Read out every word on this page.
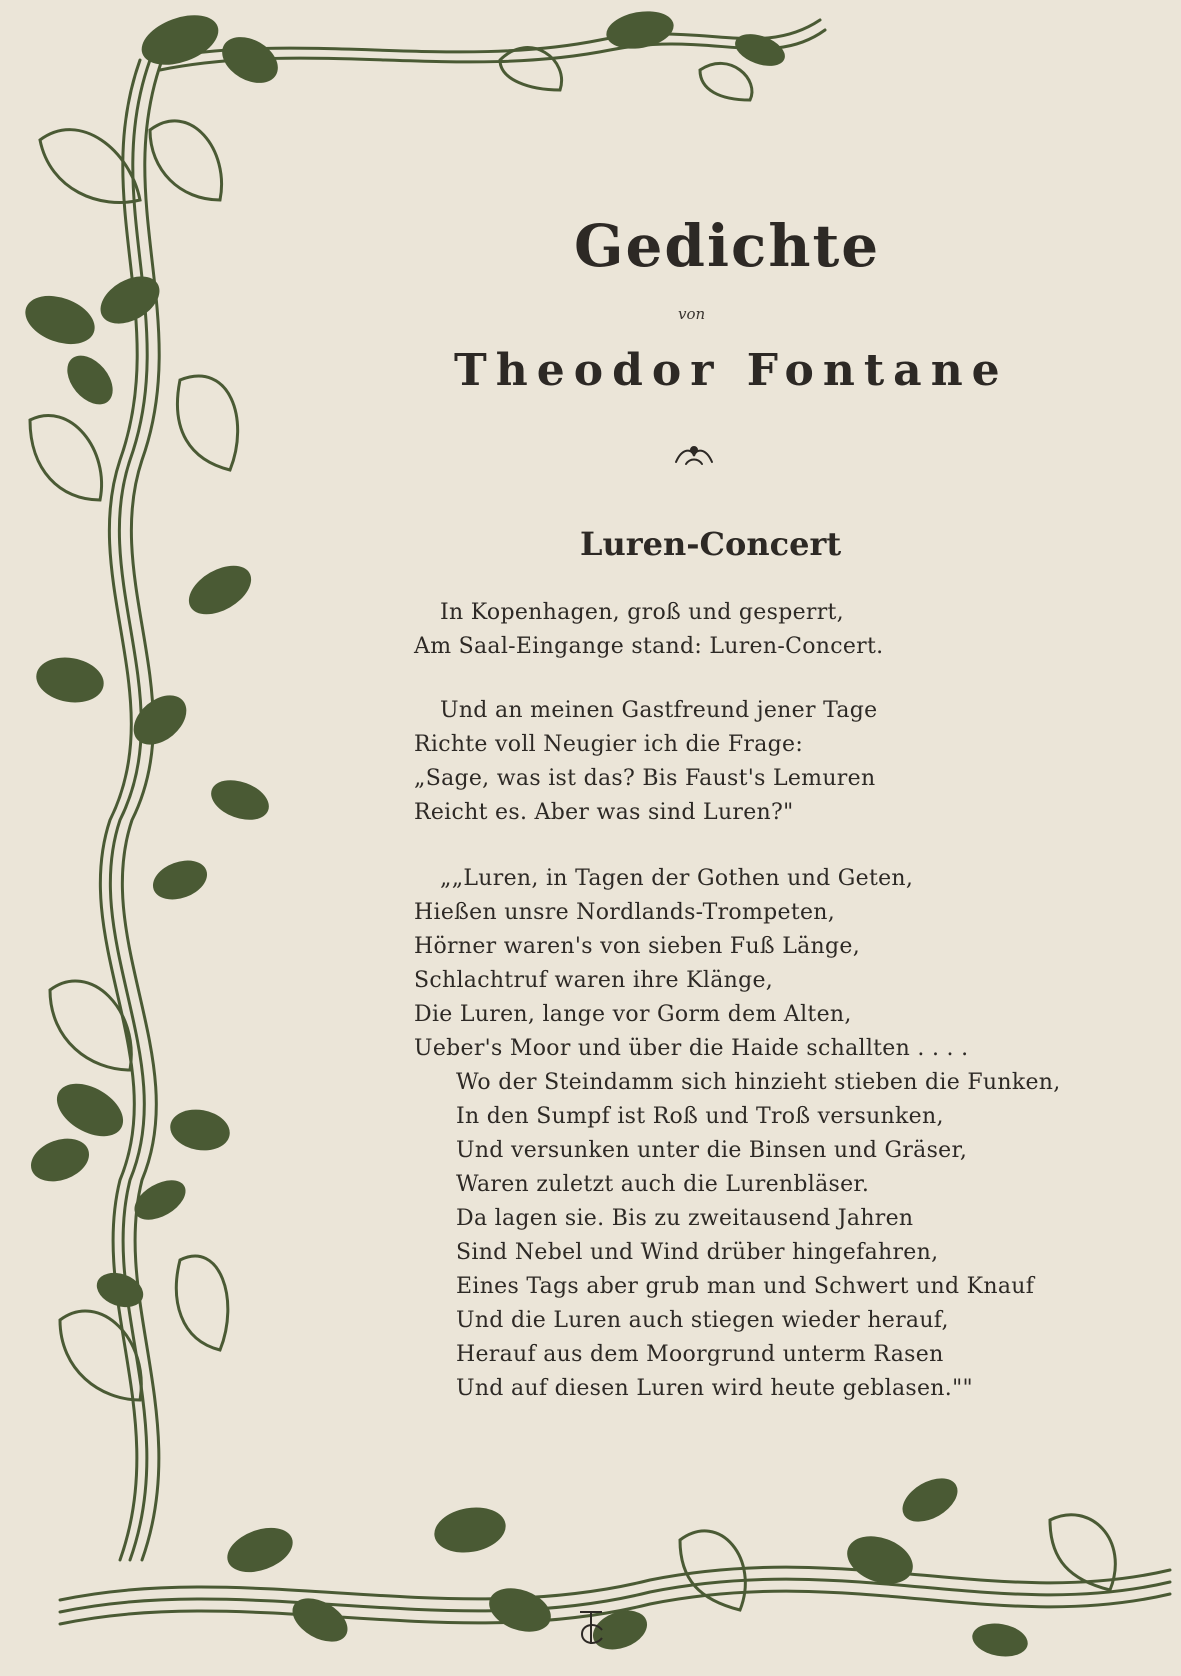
Gedichte
von
Theodor Fontane
Luren-Concert
In Kopenhagen, groß und gesperrt,
Am Saal-Eingange stand: Luren-Concert.
Und an meinen Gastfreund jener Tage
Richte voll Neugier ich die Frage:
„Sage, was ist das? Bis Faust's Lemuren
Reicht es. Aber was sind Luren?"
„„Luren, in Tagen der Gothen und Geten,
Hießen unsre Nordlands-Trompeten,
Hörner waren's von sieben Fuß Länge,
Schlachtruf waren ihre Klänge,
Die Luren, lange vor Gorm dem Alten,
Ueber's Moor und über die Haide schallten . . . .
Wo der Steindamm sich hinzieht stieben die Funken,
In den Sumpf ist Roß und Troß versunken,
Und versunken unter die Binsen und Gräser,
Waren zuletzt auch die Lurenbläser.
Da lagen sie. Bis zu zweitausend Jahren
Sind Nebel und Wind drüber hingefahren,
Eines Tags aber grub man und Schwert und Knauf
Und die Luren auch stiegen wieder herauf,
Herauf aus dem Moorgrund unterm Rasen
Und auf diesen Luren wird heute geblasen.""
